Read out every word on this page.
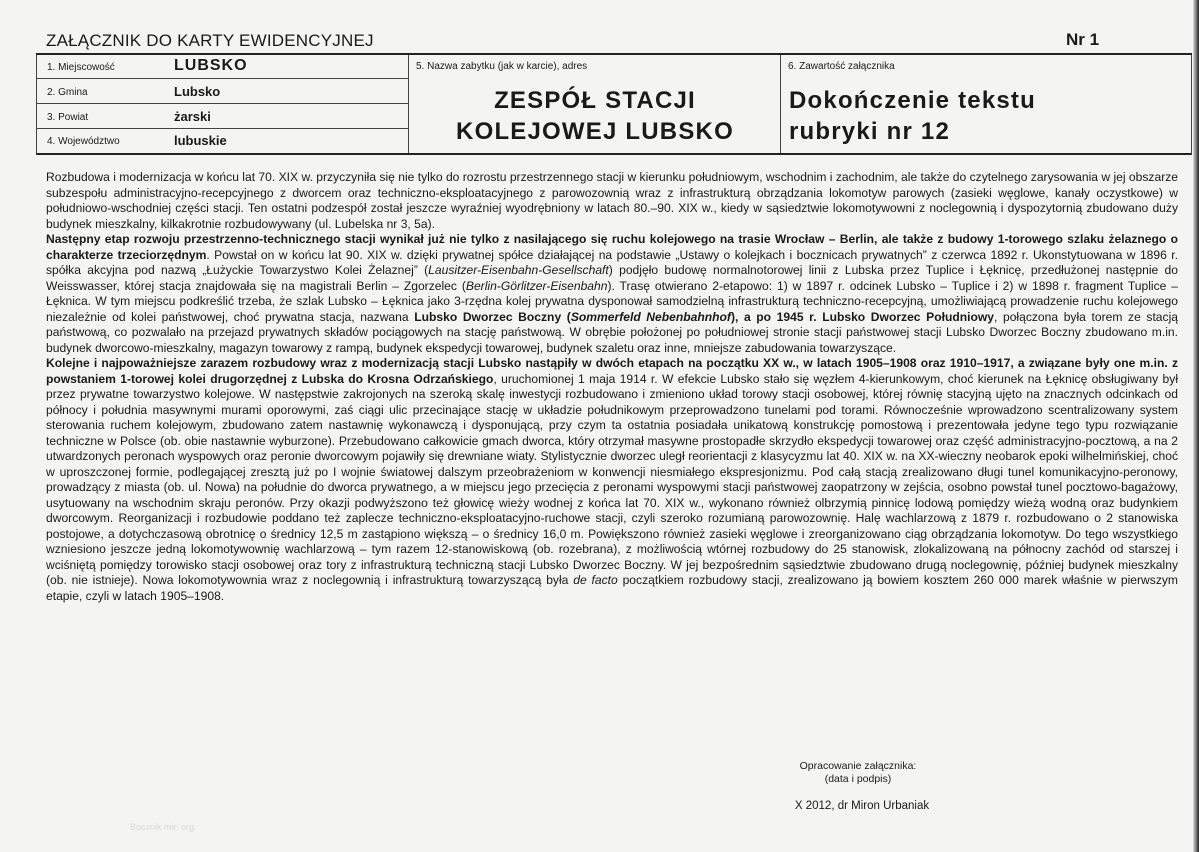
ZAŁĄCZNIK DO KARTY EWIDENCYJNEJ	Nr 1
1. Miejscowość	LUBSKO
2. Gmina	Lubsko
3. Powiat	żarski
4. Województwo	lubuskie
5. Nazwa zabytku (jak w karcie), adres
ZESPÓŁ STACJI
KOLEJOWEJ LUBSKO
6. Zawartość załącznika
Dokończenie tekstu
rubryki nr 12

Rozbudowa i modernizacja w końcu lat 70. XIX w. przyczyniła się nie tylko do rozrostu przestrzennego stacji w kierunku południowym, wschodnim i zachodnim, ale także do czytelnego zarysowania w jej obszarze subzespołu administracyjno-recepcyjnego z dworcem oraz techniczno-eksploatacyjnego z parowozownią wraz z infrastrukturą obrządzania lokomotyw parowych (zasieki węglowe, kanały oczystkowe) w południowo-wschodniej części stacji. Ten ostatni podzespół został jeszcze wyraźniej wyodrębniony w latach 80.–90. XIX w., kiedy w sąsiedztwie lokomotywowni z noclegownią i dyspozytornią zbudowano duży budynek mieszkalny, kilkakrotnie rozbudowywany (ul. Lubelska nr 3, 5a).

Następny etap rozwoju przestrzenno-technicznego stacji wynikał już nie tylko z nasilającego się ruchu kolejowego na trasie Wrocław – Berlin, ale także z budowy 1-torowego szlaku żelaznego o charakterze trzeciorzędnym. Powstał on w końcu lat 90. XIX w. dzięki prywatnej spółce działającej na podstawie „Ustawy o kolejkach i bocznicach prywatnych” z czerwca 1892 r. Ukonstytuowana w 1896 r. spółka akcyjna pod nazwą „Łużyckie Towarzystwo Kolei Żelaznej” (Lausitzer-Eisenbahn-Gesellschaft) podjęło budowę normalnotorowej linii z Lubska przez Tuplice i Łęknicę, przedłużonej następnie do Weisswasser, której stacja znajdowała się na magistrali Berlin – Zgorzelec (Berlin-Görlitzer-Eisenbahn). Trasę otwierano 2-etapowo: 1) w 1897 r. odcinek Lubsko – Tuplice i 2) w 1898 r. fragment Tuplice – Łęknica. W tym miejscu podkreślić trzeba, że szlak Lubsko – Łęknica jako 3-rzędna kolej prywatna dysponował samodzielną infrastrukturą techniczno-recepcyjną, umożliwiającą prowadzenie ruchu kolejowego niezależnie od kolei państwowej, choć prywatna stacja, nazwana Lubsko Dworzec Boczny (Sommerfeld Nebenbahnhof), a po 1945 r. Lubsko Dworzec Południowy, połączona była torem ze stacją państwową, co pozwalało na przejazd prywatnych składów pociągowych na stację państwową. W obrębie położonej po południowej stronie stacji państwowej stacji Lubsko Dworzec Boczny zbudowano m.in. budynek dworcowo-mieszkalny, magazyn towarowy z rampą, budynek ekspedycji towarowej, budynek szaletu oraz inne, mniejsze zabudowania towarzyszące.

Kolejne i najpoważniejsze zarazem rozbudowy wraz z modernizacją stacji Lubsko nastąpiły w dwóch etapach na początku XX w., w latach 1905–1908 oraz 1910–1917, a związane były one m.in. z powstaniem 1-torowej kolei drugorzędnej z Lubska do Krosna Odrzańskiego, uruchomionej 1 maja 1914 r. W efekcie Lubsko stało się węzłem 4-kierunkowym, choć kierunek na Łęknicę obsługiwany był przez prywatne towarzystwo kolejowe. W następstwie zakrojonych na szeroką skalę inwestycji rozbudowano i zmieniono układ torowy stacji osobowej, której równię stacyjną ujęto na znacznych odcinkach od północy i południa masywnymi murami oporowymi, zaś ciągi ulic przecinające stację w układzie południkowym przeprowadzono tunelami pod torami. Równocześnie wprowadzono scentralizowany system sterowania ruchem kolejowym, zbudowano zatem nastawnię wykonawczą i dysponującą, przy czym ta ostatnia posiadała unikatową konstrukcję pomostową i prezentowała jedyne tego typu rozwiązanie techniczne w Polsce (ob. obie nastawnie wyburzone). Przebudowano całkowicie gmach dworca, który otrzymał masywne prostopadłe skrzydło ekspedycji towarowej oraz część administracyjno-pocztową, a na 2 utwardzonych peronach wyspowych oraz peronie dworcowym pojawiły się drewniane wiaty. Stylistycznie dworzec uległ reorientacji z klasycyzmu lat 40. XIX w. na XX-wieczny neobarok epoki wilhelmińskiej, choć w uproszczonej formie, podlegającej zresztą już po I wojnie światowej dalszym przeobrażeniom w konwencji niesmiałego ekspresjonizmu. Pod całą stacją zrealizowano długi tunel komunikacyjno-peronowy, prowadzący z miasta (ob. ul. Nowa) na południe do dworca prywatnego, a w miejscu jego przecięcia z peronami wyspowymi stacji państwowej zaopatrzony w zejścia, osobno powstał tunel pocztowo-bagażowy, usytuowany na wschodnim skraju peronów. Przy okazji podwyższono też głowicę wieży wodnej z końca lat 70. XIX w., wykonano również olbrzymią pinnicę lodową pomiędzy wieżą wodną oraz budynkiem dworcowym. Reorganizacji i rozbudowie poddano też zaplecze techniczno-eksploatacyjno-ruchowe stacji, czyli szeroko rozumianą parowozownię. Halę wachlarzową z 1879 r. rozbudowano o 2 stanowiska postojowe, a dotychczasową obrotnicę o średnicy 12,5 m zastąpiono większą – o średnicy 16,0 m. Powiększono również zasieki węglowe i zreorganizowano ciąg obrządzania lokomotyw. Do tego wszystkiego wzniesiono jeszcze jedną lokomotywownię wachlarzową – tym razem 12-stanowiskową (ob. rozebrana), z możliwością wtórnej rozbudowy do 25 stanowisk, zlokalizowaną na północny zachód od starszej i wciśniętą pomiędzy torowisko stacji osobowej oraz tory z infrastrukturą techniczną stacji Lubsko Dworzec Boczny. W jej bezpośrednim sąsiedztwie zbudowano drugą noclegownię, później budynek mieszkalny (ob. nie istnieje). Nowa lokomotywownia wraz z noclegownią i infrastrukturą towarzyszącą była de facto początkiem rozbudowy stacji, zrealizowano ją bowiem kosztem 260 000 marek właśnie w pierwszym etapie, czyli w latach 1905–1908.

Opracowanie załącznika:
(data i podpis)
X 2012, dr Miron Urbaniak
Bocznik mir. org.
